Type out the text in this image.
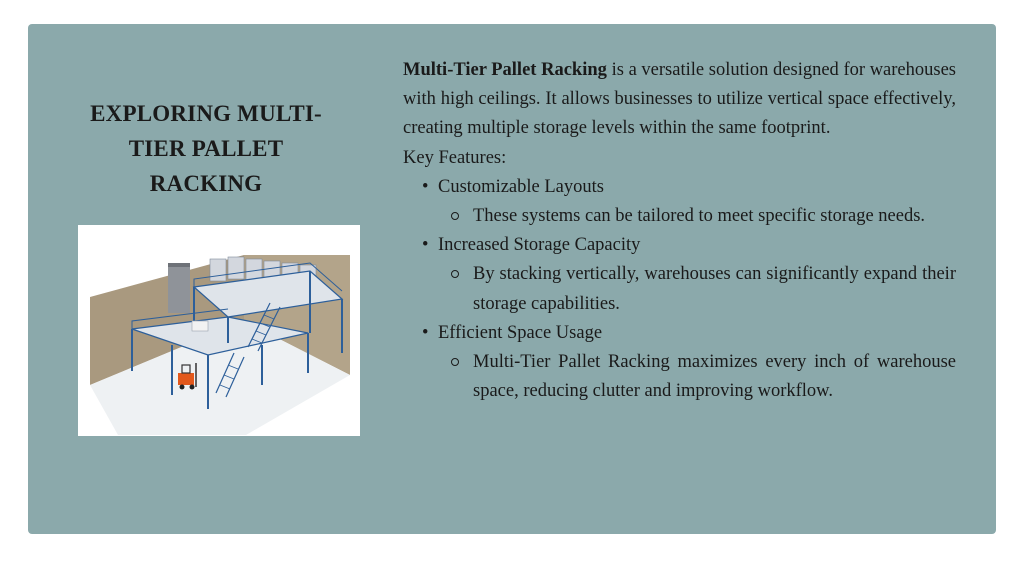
EXPLORING MULTI-TIER PALLET RACKING

Multi-Tier Pallet Racking is a versatile solution designed for warehouses with high ceilings. It allows businesses to utilize vertical space effectively, creating multiple storage levels within the same footprint.

Key Features:

• Customizable Layouts
These systems can be tailored to meet specific storage needs.
• Increased Storage Capacity
By stacking vertically, warehouses can significantly expand their storage capabilities.
• Efficient Space Usage
Multi-Tier Pallet Racking maximizes every inch of warehouse space, reducing clutter and improving workflow.
